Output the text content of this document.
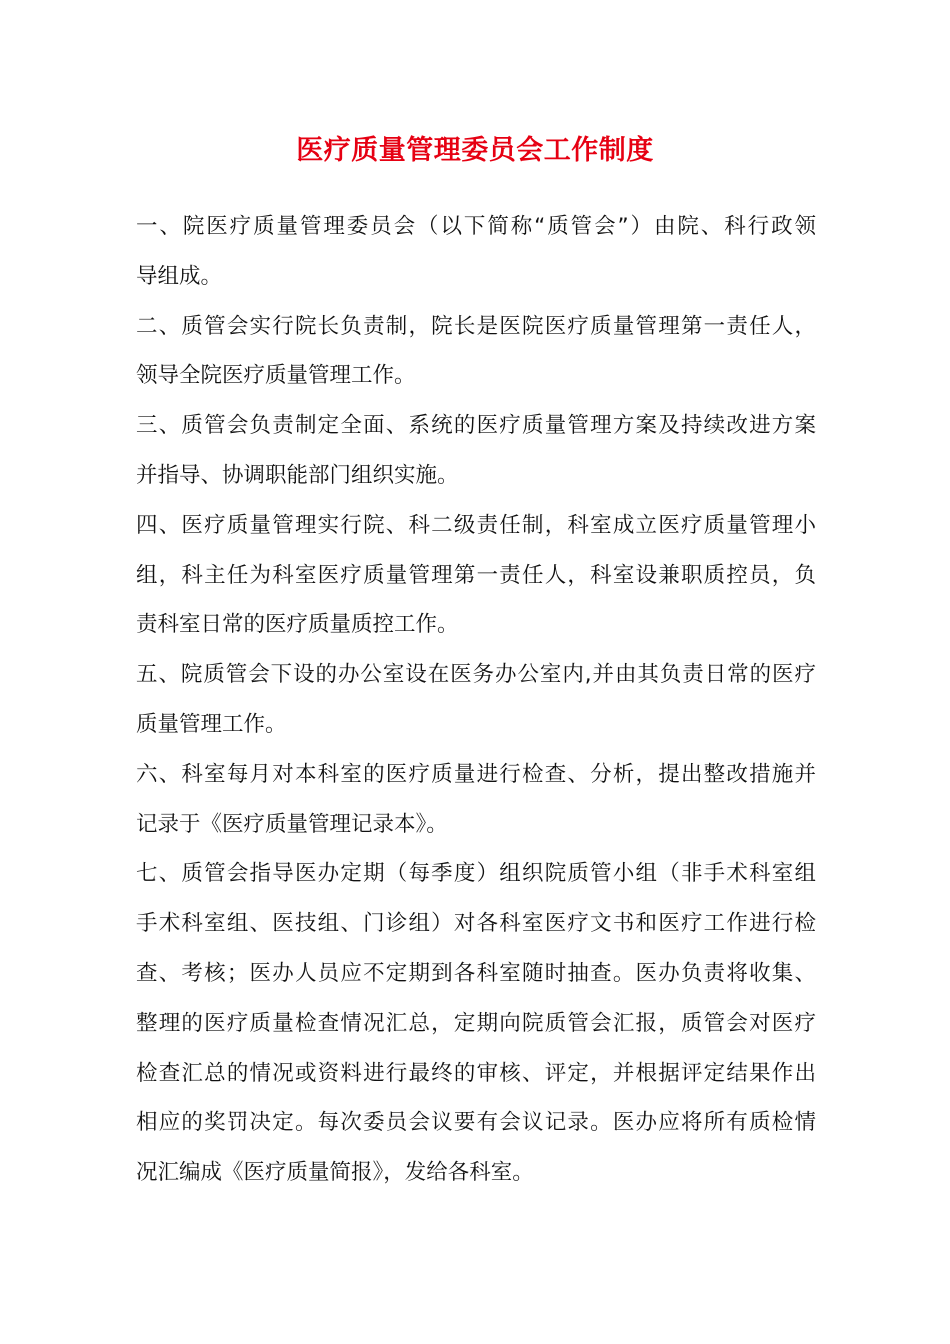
医疗质量管理委员会工作制度
一、院医疗质量管理委员会（以下简称“质管会”）由院、科行政领
导组成。
二、质管会实行院长负责制，院长是医院医疗质量管理第一责任人，
领导全院医疗质量管理工作。
三、质管会负责制定全面、系统的医疗质量管理方案及持续改进方案
并指导、协调职能部门组织实施。
四、医疗质量管理实行院、科二级责任制，科室成立医疗质量管理小
组，科主任为科室医疗质量管理第一责任人，科室设兼职质控员，负
责科室日常的医疗质量质控工作。
五、院质管会下设的办公室设在医务办公室内,并由其负责日常的医疗
质量管理工作。
六、科室每月对本科室的医疗质量进行检查、分析，提出整改措施并
记录于《医疗质量管理记录本》。
七、质管会指导医办定期（每季度）组织院质管小组（非手术科室组
手术科室组、医技组、门诊组）对各科室医疗文书和医疗工作进行检
查、考核；医办人员应不定期到各科室随时抽查。医办负责将收集、
整理的医疗质量检查情况汇总，定期向院质管会汇报，质管会对医疗
检查汇总的情况或资料进行最终的审核、评定，并根据评定结果作出
相应的奖罚决定。每次委员会议要有会议记录。医办应将所有质检情
况汇编成《医疗质量简报》，发给各科室。
